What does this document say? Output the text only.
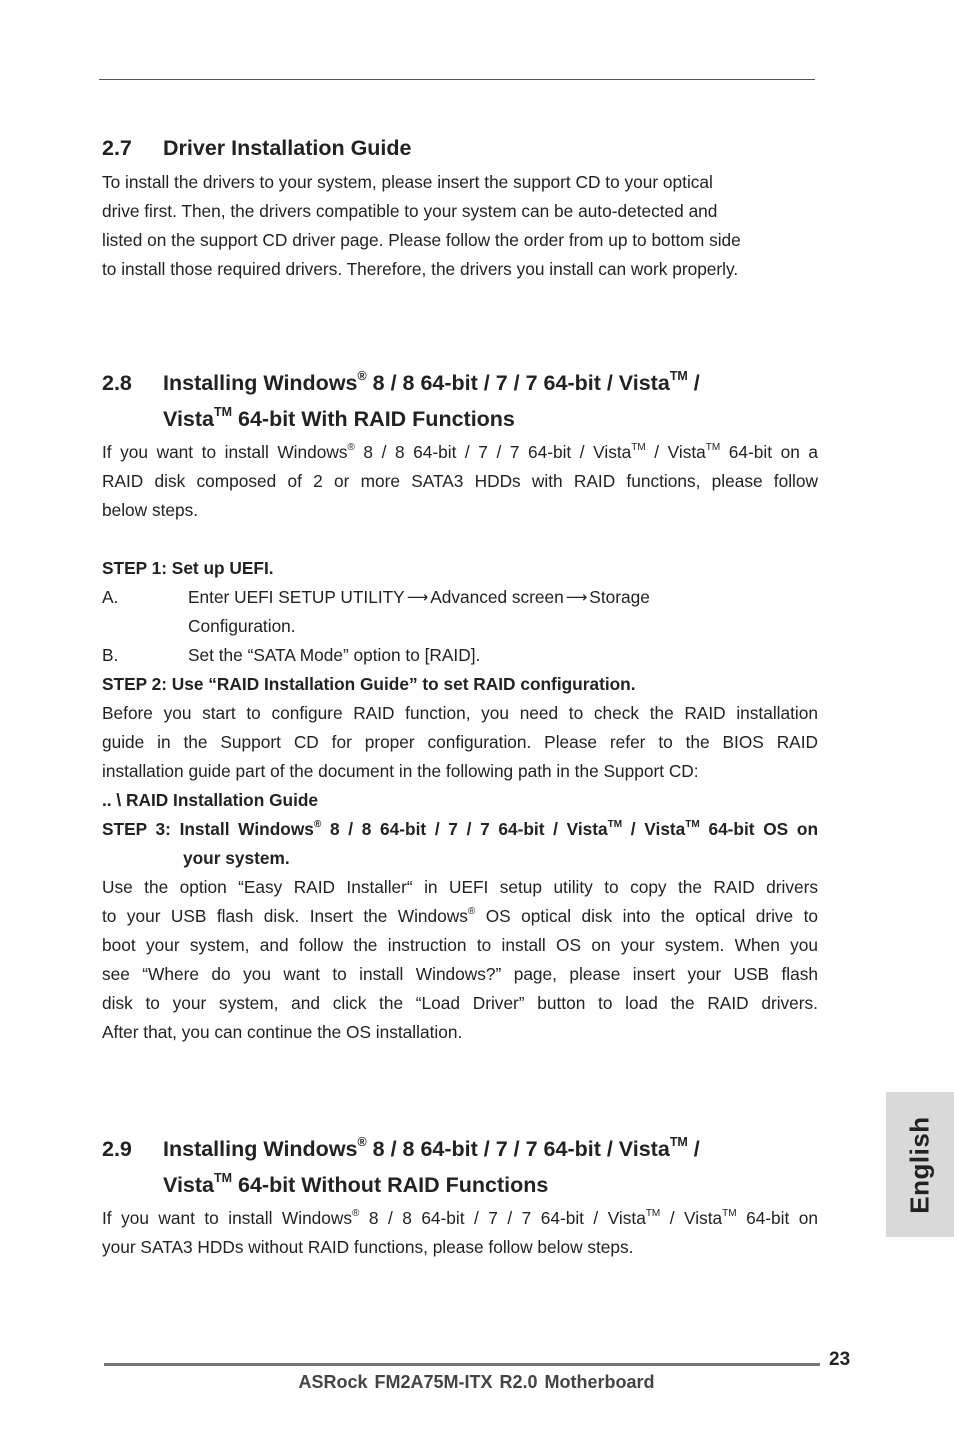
2.7 Driver Installation Guide
To install the drivers to your system, please insert the support CD to your optical
drive first. Then, the drivers compatible to your system can be auto-detected and
listed on the support CD driver page. Please follow the order from up to bottom side
to install those required drivers. Therefore, the drivers you install can work properly.
2.8 Installing Windows® 8 / 8 64-bit / 7 / 7 64-bit / Vista™ /
Vista™ 64-bit With RAID Functions
If you want to install Windows® 8 / 8 64-bit / 7 / 7 64-bit / Vista™ / Vista™ 64-bit on a
RAID disk composed of 2 or more SATA3 HDDs with RAID functions, please follow
below steps.
STEP 1: Set up UEFI.
A.	Enter UEFI SETUP UTILITY ⟶ Advanced screen ⟶ Storage
Configuration.
B.	Set the “SATA Mode” option to [RAID].
STEP 2: Use “RAID Installation Guide” to set RAID configuration.
Before you start to configure RAID function, you need to check the RAID installation
guide in the Support CD for proper configuration. Please refer to the BIOS RAID
installation guide part of the document in the following path in the Support CD:
.. \ RAID Installation Guide
STEP 3: Install Windows® 8 / 8 64-bit / 7 / 7 64-bit / Vista™ / Vista™ 64-bit OS on
your system.
Use the option “Easy RAID Installer“ in UEFI setup utility to copy the RAID drivers
to your USB flash disk. Insert the Windows® OS optical disk into the optical drive to
boot your system, and follow the instruction to install OS on your system. When you
see “Where do you want to install Windows?” page, please insert your USB flash
disk to your system, and click the “Load Driver” button to load the RAID drivers.
After that, you can continue the OS installation.
2.9 Installing Windows® 8 / 8 64-bit / 7 / 7 64-bit / Vista™ /
Vista™ 64-bit Without RAID Functions
If you want to install Windows® 8 / 8 64-bit / 7 / 7 64-bit / Vista™ / Vista™ 64-bit on
your SATA3 HDDs without RAID functions, please follow below steps.
English
23
ASRock FM2A75M-ITX R2.0 Motherboard
